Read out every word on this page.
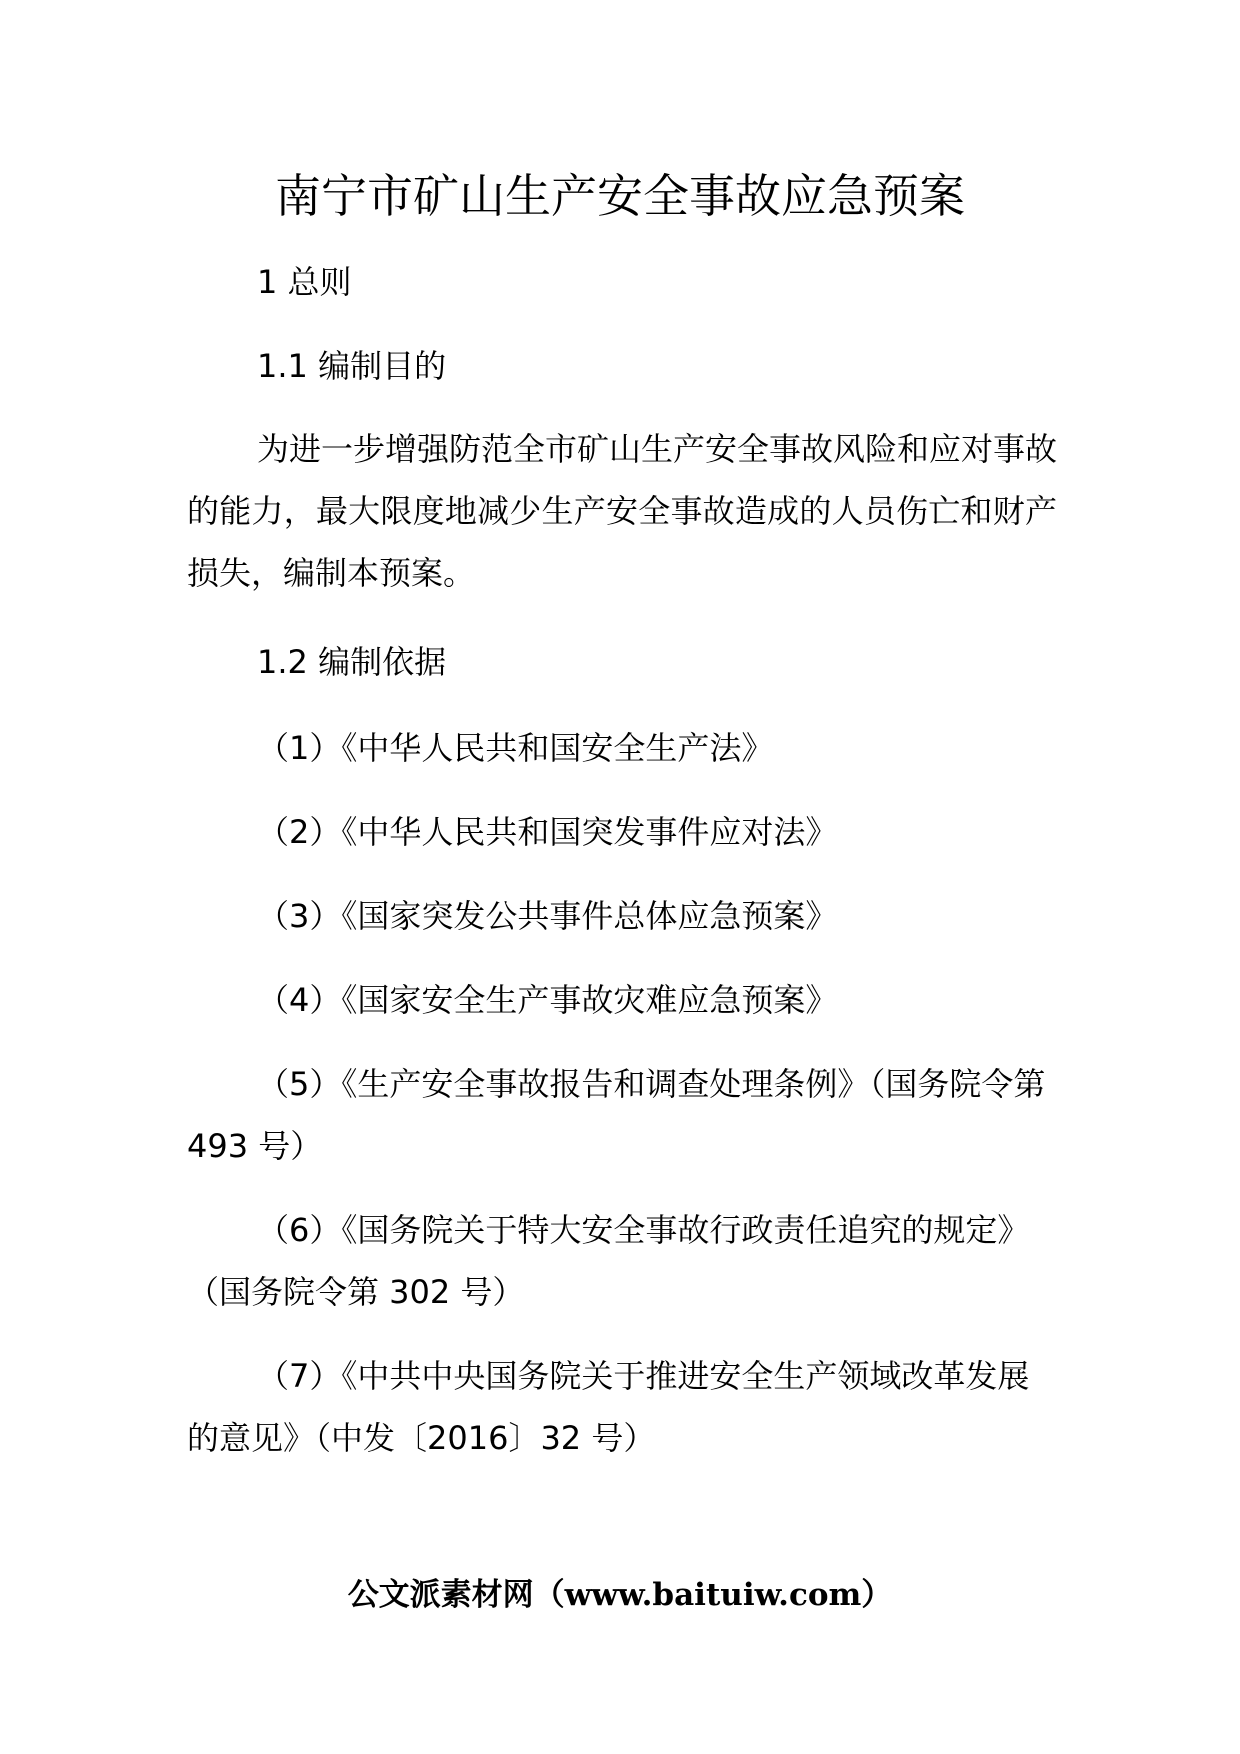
南宁市矿山生产安全事故应急预案

1 总则

1.1 编制目的

为进一步增强防范全市矿山生产安全事故风险和应对事故的能力，最大限度地减少生产安全事故造成的人员伤亡和财产损失，编制本预案。

1.2 编制依据

（1）《中华人民共和国安全生产法》

（2）《中华人民共和国突发事件应对法》

（3）《国家突发公共事件总体应急预案》

（4）《国家安全生产事故灾难应急预案》

（5）《生产安全事故报告和调查处理条例》（国务院令第 493 号）

（6）《国务院关于特大安全事故行政责任追究的规定》（国务院令第 302 号）

（7）《中共中央国务院关于推进安全生产领域改革发展的意见》（中发〔2016〕32 号）

公文派素材网（www.baituiw.com）
